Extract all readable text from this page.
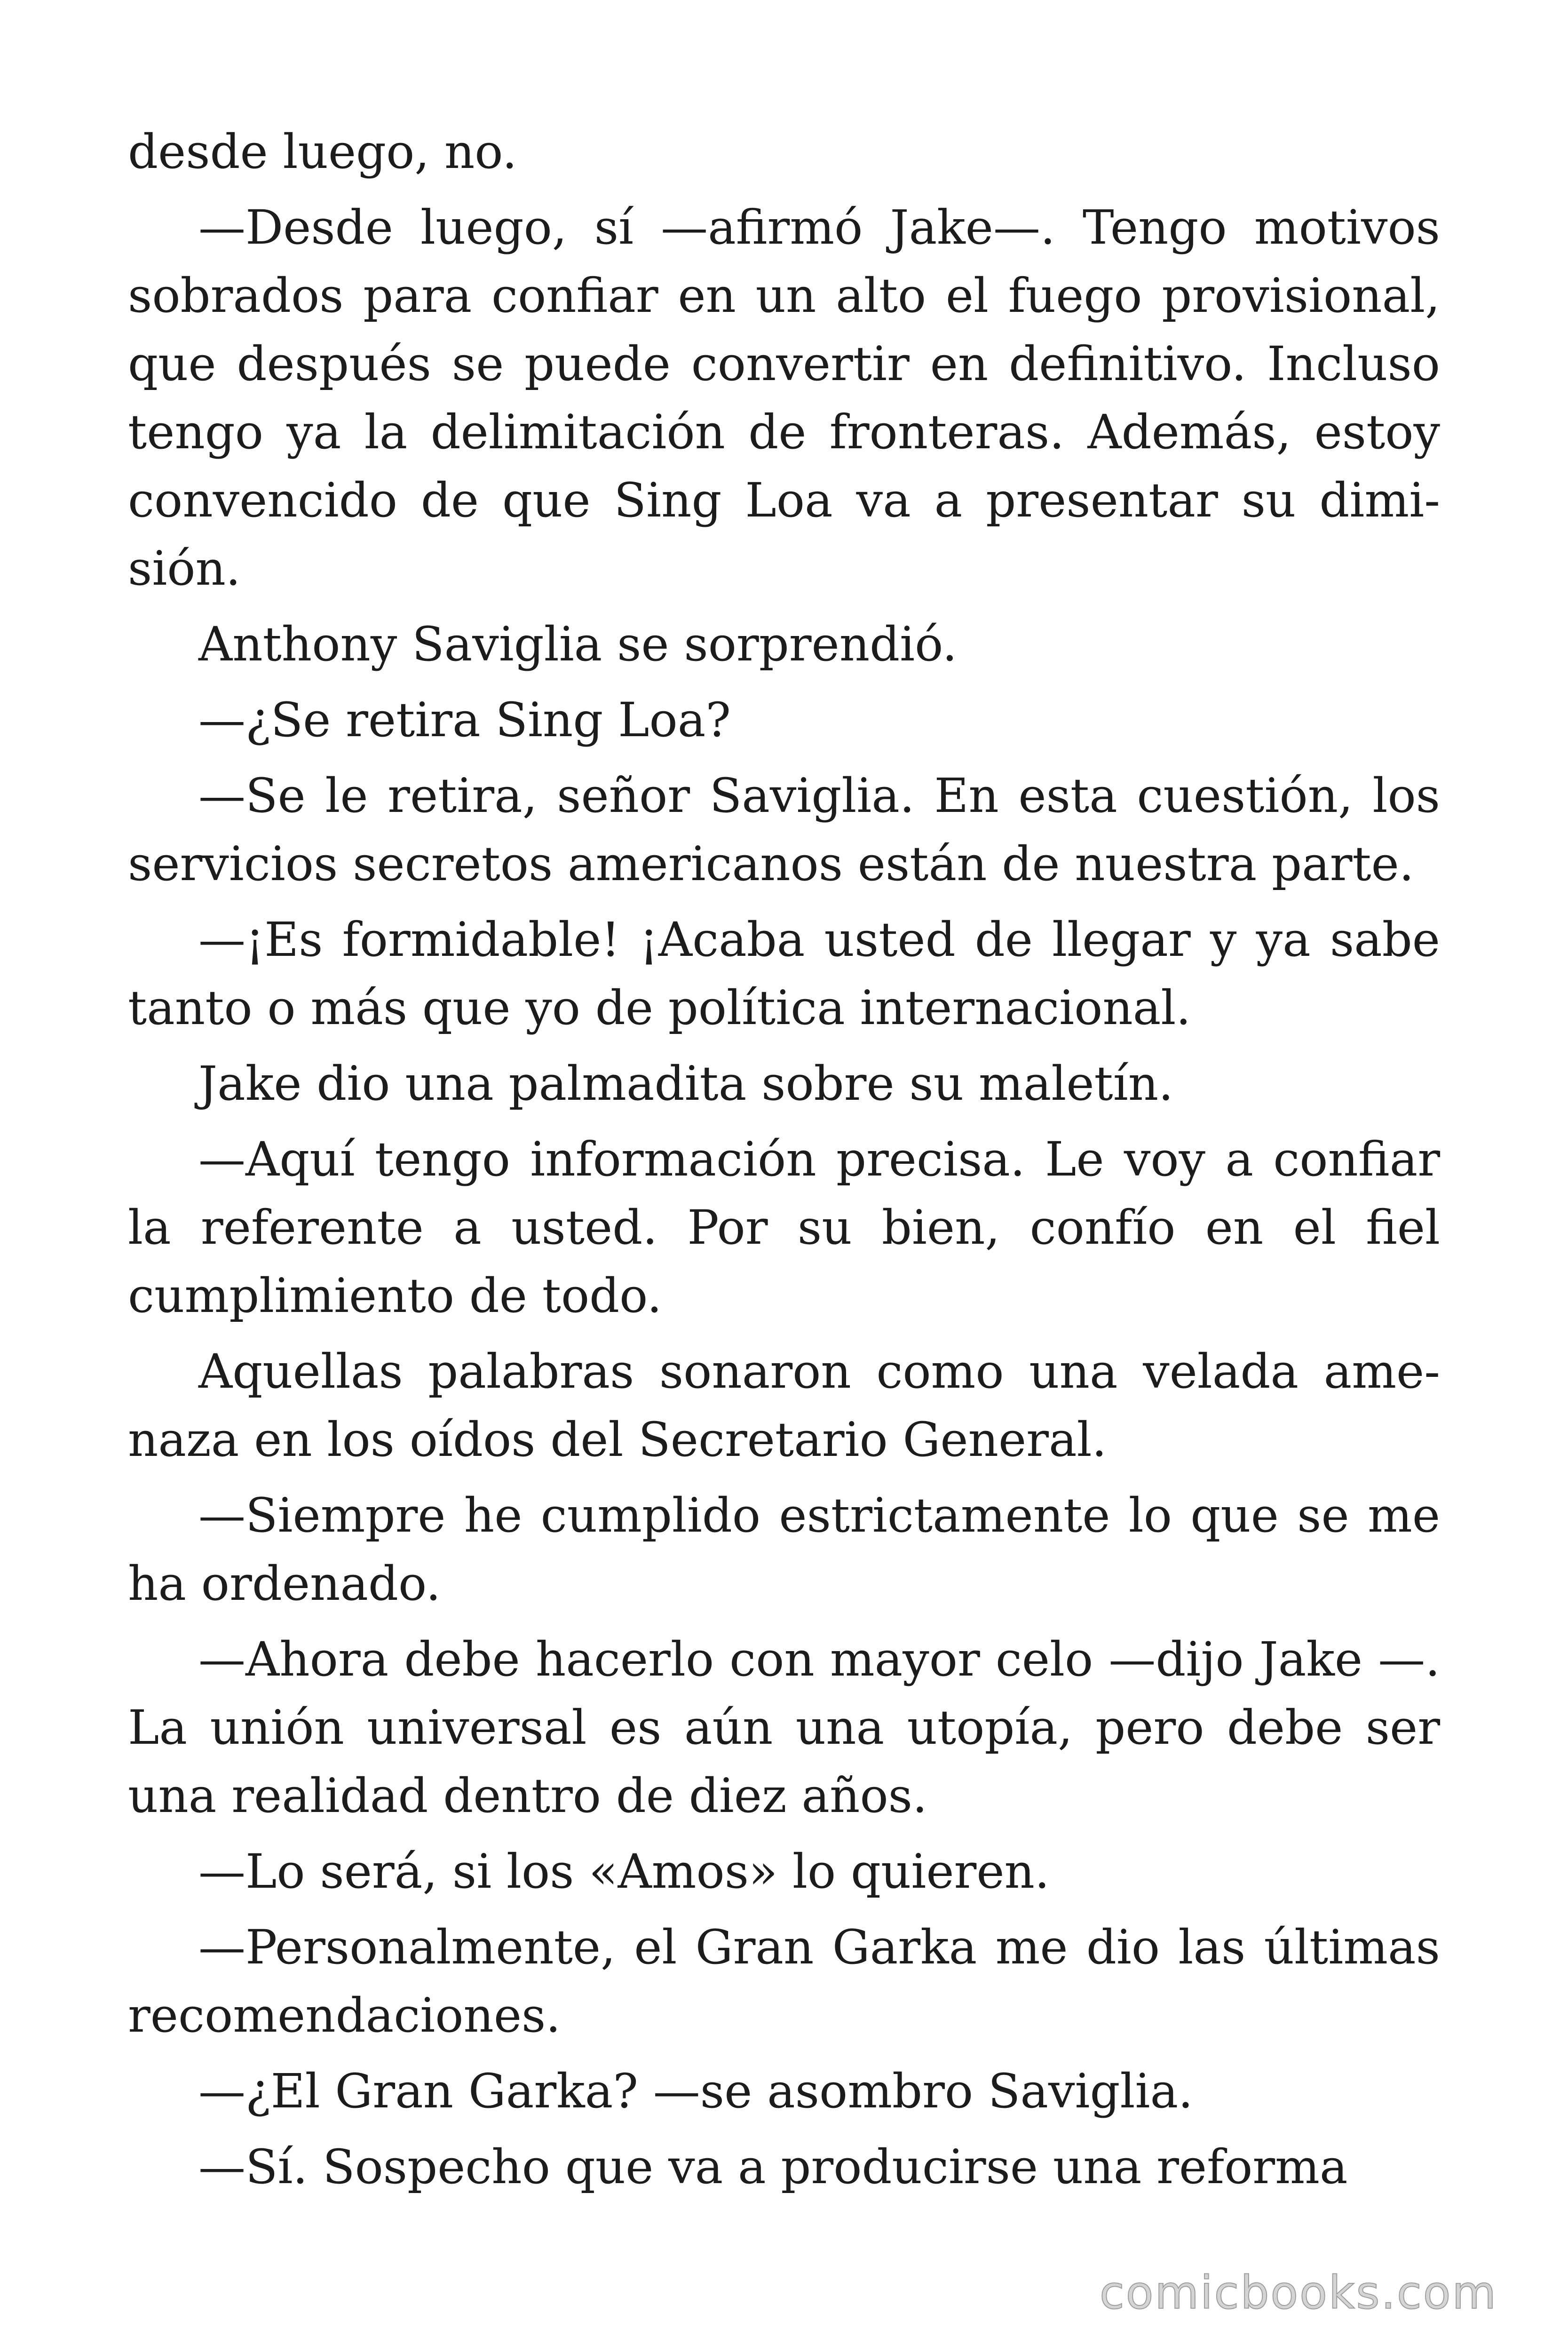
desde luego, no.

—Desde luego, sí —afirmó Jake—. Tengo motivos sobrados para confiar en un alto el fuego provisional, que después se puede convertir en definitivo. Incluso tengo ya la delimitación de fronteras. Además, estoy convencido de que Sing Loa va a presentar su dimisión.

Anthony Saviglia se sorprendió.

—¿Se retira Sing Loa?

—Se le retira, señor Saviglia. En esta cuestión, los servicios secretos americanos están de nuestra parte.

—¡Es formidable! ¡Acaba usted de llegar y ya sabe tanto o más que yo de política internacional.

Jake dio una palmadita sobre su maletín.

—Aquí tengo información precisa. Le voy a confiar la referente a usted. Por su bien, confío en el fiel cumplimiento de todo.

Aquellas palabras sonaron como una velada amenaza en los oídos del Secretario General.

—Siempre he cumplido estrictamente lo que se me ha ordenado.

—Ahora debe hacerlo con mayor celo —dijo Jake —. La unión universal es aún una utopía, pero debe ser una realidad dentro de diez años.

—Lo será, si los «Amos» lo quieren.

—Personalmente, el Gran Garka me dio las últimas recomendaciones.

—¿El Gran Garka? —se asombro Saviglia.

—Sí. Sospecho que va a producirse una reforma

comicbooks.com
